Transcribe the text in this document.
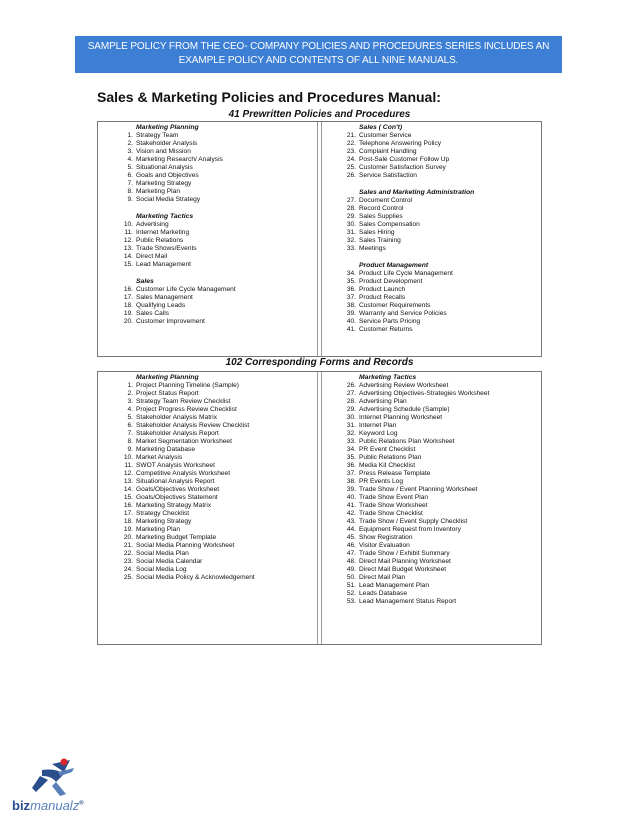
SAMPLE POLICY FROM THE CEO- COMPANY POLICIES AND PROCEDURES SERIES INCLUDES AN
EXAMPLE POLICY AND CONTENTS OF ALL NINE MANUALS.
Sales & Marketing Policies and Procedures Manual:
41 Prewritten Policies and Procedures
Marketing Planning
1. Strategy Team
2. Stakeholder Analysis
3. Vision and Mission
4. Marketing Research/ Analysis
5. Situational Analysis
6. Goals and Objectives
7. Marketing Strategy
8. Marketing Plan
9. Social Media Strategy
Marketing Tactics
10. Advertising
11. Internet Marketing
12. Public Relations
13. Trade Shows/Events
14. Direct Mail
15. Lead Management
Sales
16. Customer Life Cycle Management
17. Sales Management
18. Qualifying Leads
19. Sales Calls
20. Customer Improvement
Sales ( Con't)
21. Customer Service
22. Telephone Answering Policy
23. Complaint Handling
24. Post-Sale Customer Follow Up
25. Customer Satisfaction Survey
26. Service Satisfaction
Sales and Marketing Administration
27. Document Control
28. Record Control
29. Sales Supplies
30. Sales Compensation
31. Sales Hiring
32. Sales Training
33. Meetings
Product Management
34. Product Life Cycle Management
35. Product Development
36. Product Launch
37. Product Recalls
38. Customer Requirements
39. Warranty and Service Policies
40. Service Parts Pricing
41. Customer Returns
102 Corresponding Forms and Records
Marketing Planning
1. Project Planning Timeline (Sample)
2. Project Status Report
3. Strategy Team Review Checklist
4. Project Progress Review Checklist
5. Stakeholder Analysis Matrix
6. Stakeholder Analysis Review Checklist
7. Stakeholder Analysis Report
8. Market Segmentation Worksheet
9. Marketing Database
10. Market Analysis
11. SWOT Analysis Worksheet
12. Competitive Analysis Worksheet
13. Situational Analysis Report
14. Goals/Objectives Worksheet
15. Goals/Objectives Statement
16. Marketing Strategy Matrix
17. Strategy Checklist
18. Marketing Strategy
19. Marketing Plan
20. Marketing Budget Template
21. Social Media Planning Worksheet
22. Social Media Plan
23. Social Media Calendar
24. Social Media Log
25. Social Media Policy & Acknowledgement
Marketing Tactics
26. Advertising Review Worksheet
27. Advertising Objectives-Strategies Worksheet
28. Advertising Plan
29. Advertising Schedule (Sample)
30. Internet Planning Worksheet
31. Internet Plan
32. Keyword Log
33. Public Relations Plan Worksheet
34. PR Event Checklist
35. Public Relations Plan
36. Media Kit Checklist
37. Press Release Template
38. PR Events Log
39. Trade Show / Event Planning Worksheet
40. Trade Show Event Plan
41. Trade Show Worksheet
42. Trade Show Checklist
43. Trade Show / Event Supply Checklist
44. Equipment Request from Inventory
45. Show Registration
46. Visitor Evaluation
47. Trade Show / Exhibit Summary
48. Direct Mail Planning Worksheet
49. Direct Mail Budget Worksheet
50. Direct Mail Plan
51. Lead Management Plan
52. Leads Database
53. Lead Management Status Report
bizmanualz®
